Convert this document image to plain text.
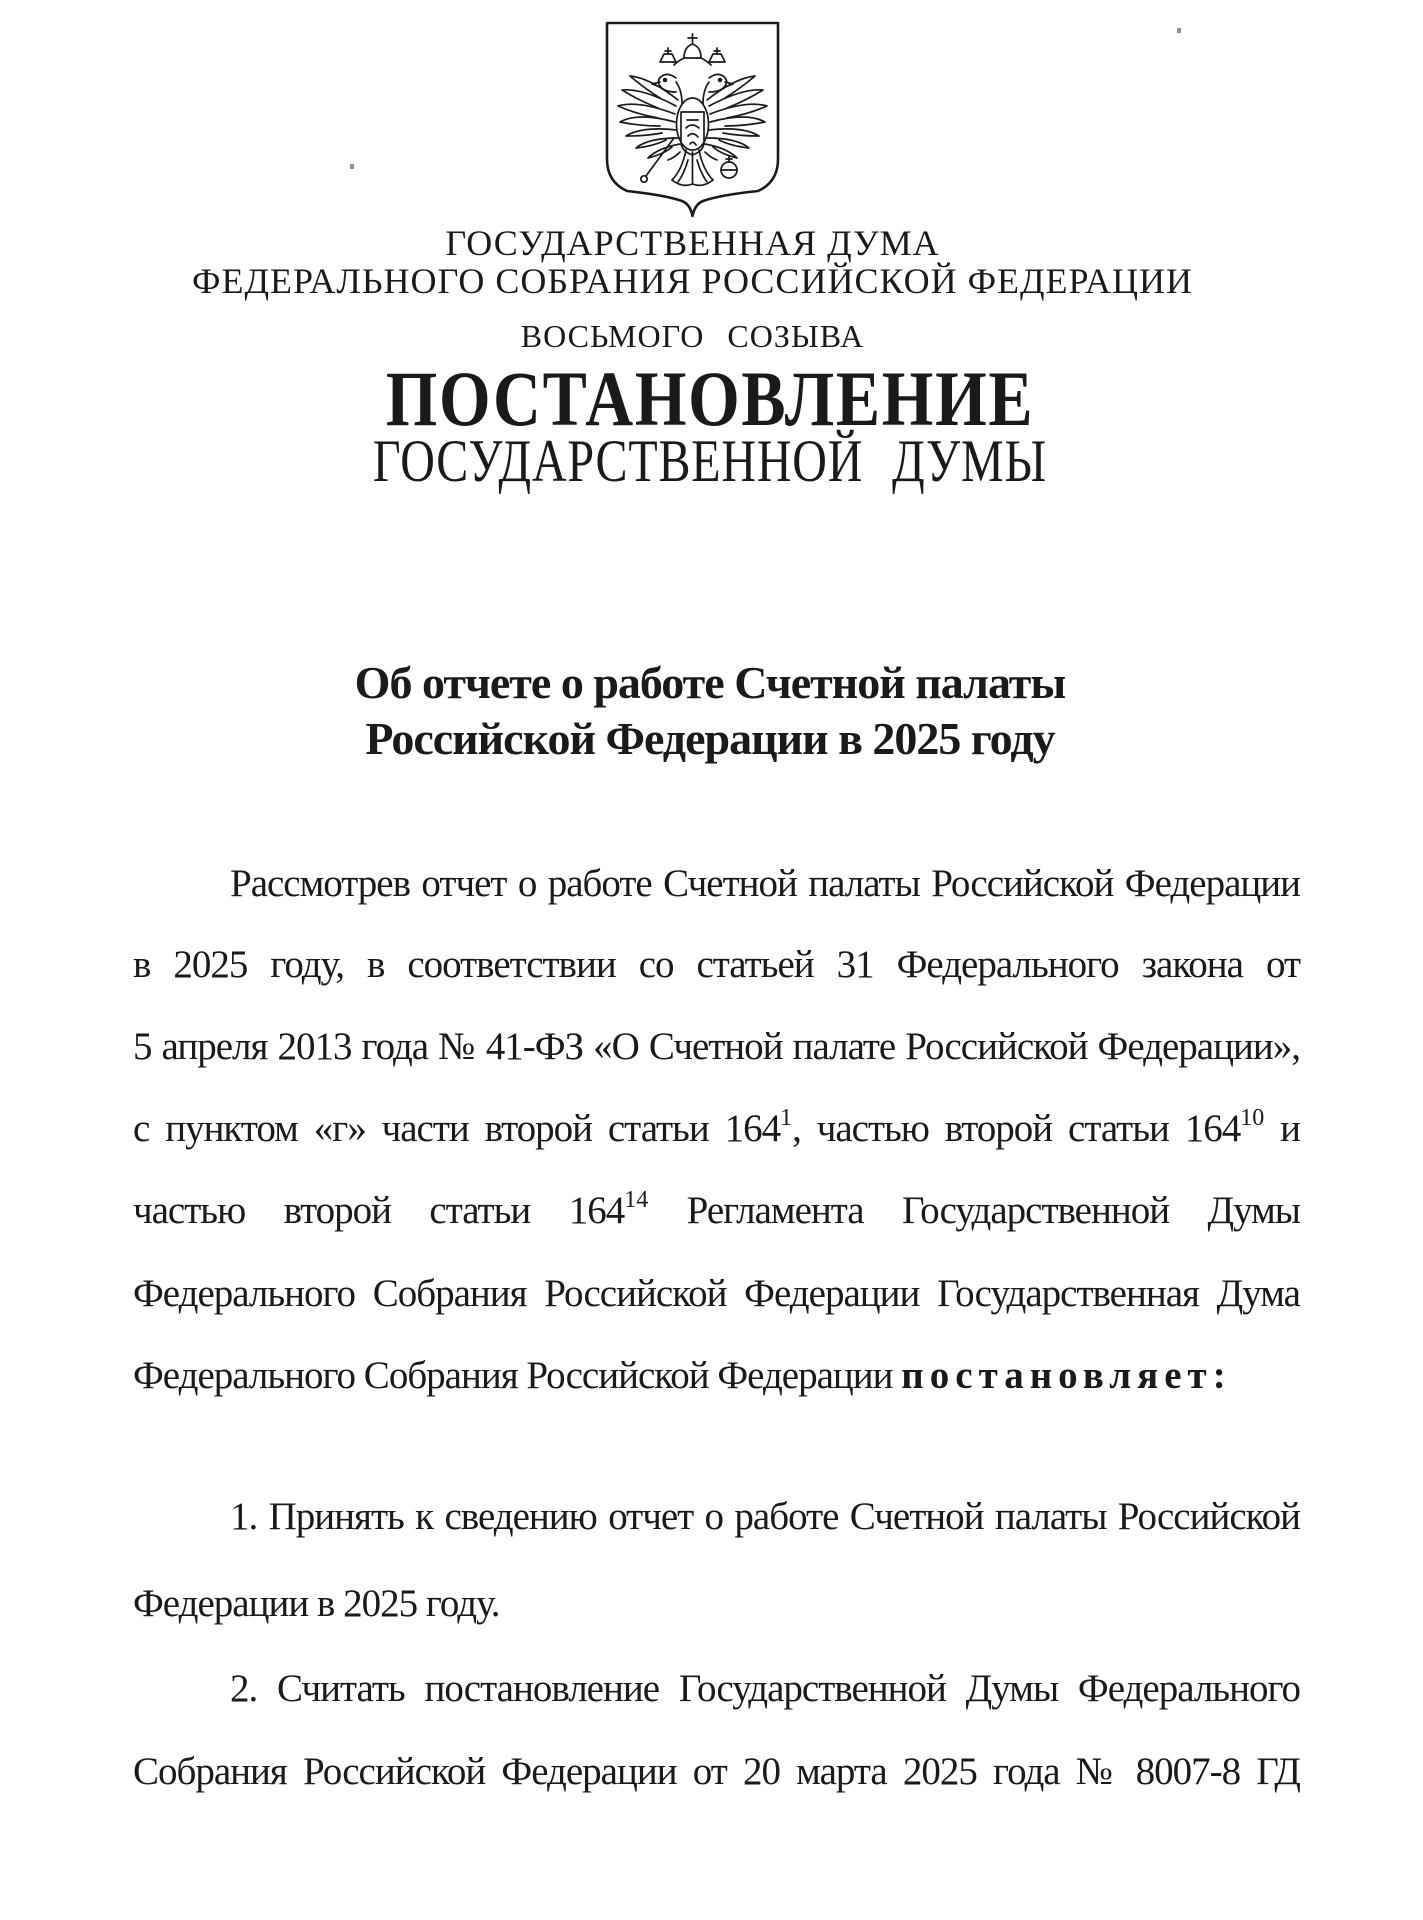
ГОСУДАРСТВЕННАЯ ДУМА
ФЕДЕРАЛЬНОГО СОБРАНИЯ РОССИЙСКОЙ ФЕДЕРАЦИИ
ВОСЬМОГО СОЗЫВА
ПОСТАНОВЛЕНИЕ
ГОСУДАРСТВЕННОЙ ДУМЫ
Об отчете о работе Счетной палаты
Российской Федерации в 2025 году
Рассмотрев отчет о работе Счетной палаты Российской Федерации
в 2025 году, в соответствии со статьей 31 Федерального закона от
5 апреля 2013 года № 41-ФЗ «О Счетной палате Российской Федерации»,
с пунктом «г» части второй статьи $164^1$, частью второй статьи $164^{10}$ и
частью второй статьи $164^{14}$ Регламента Государственной Думы
Федерального Собрания Российской Федерации Государственная Дума
Федерального Собрания Российской Федерации постановляет:
1. Принять к сведению отчет о работе Счетной палаты Российской
Федерации в 2025 году.
2. Считать постановление Государственной Думы Федерального
Собрания Российской Федерации от 20 марта 2025 года № 8007-8 ГД
